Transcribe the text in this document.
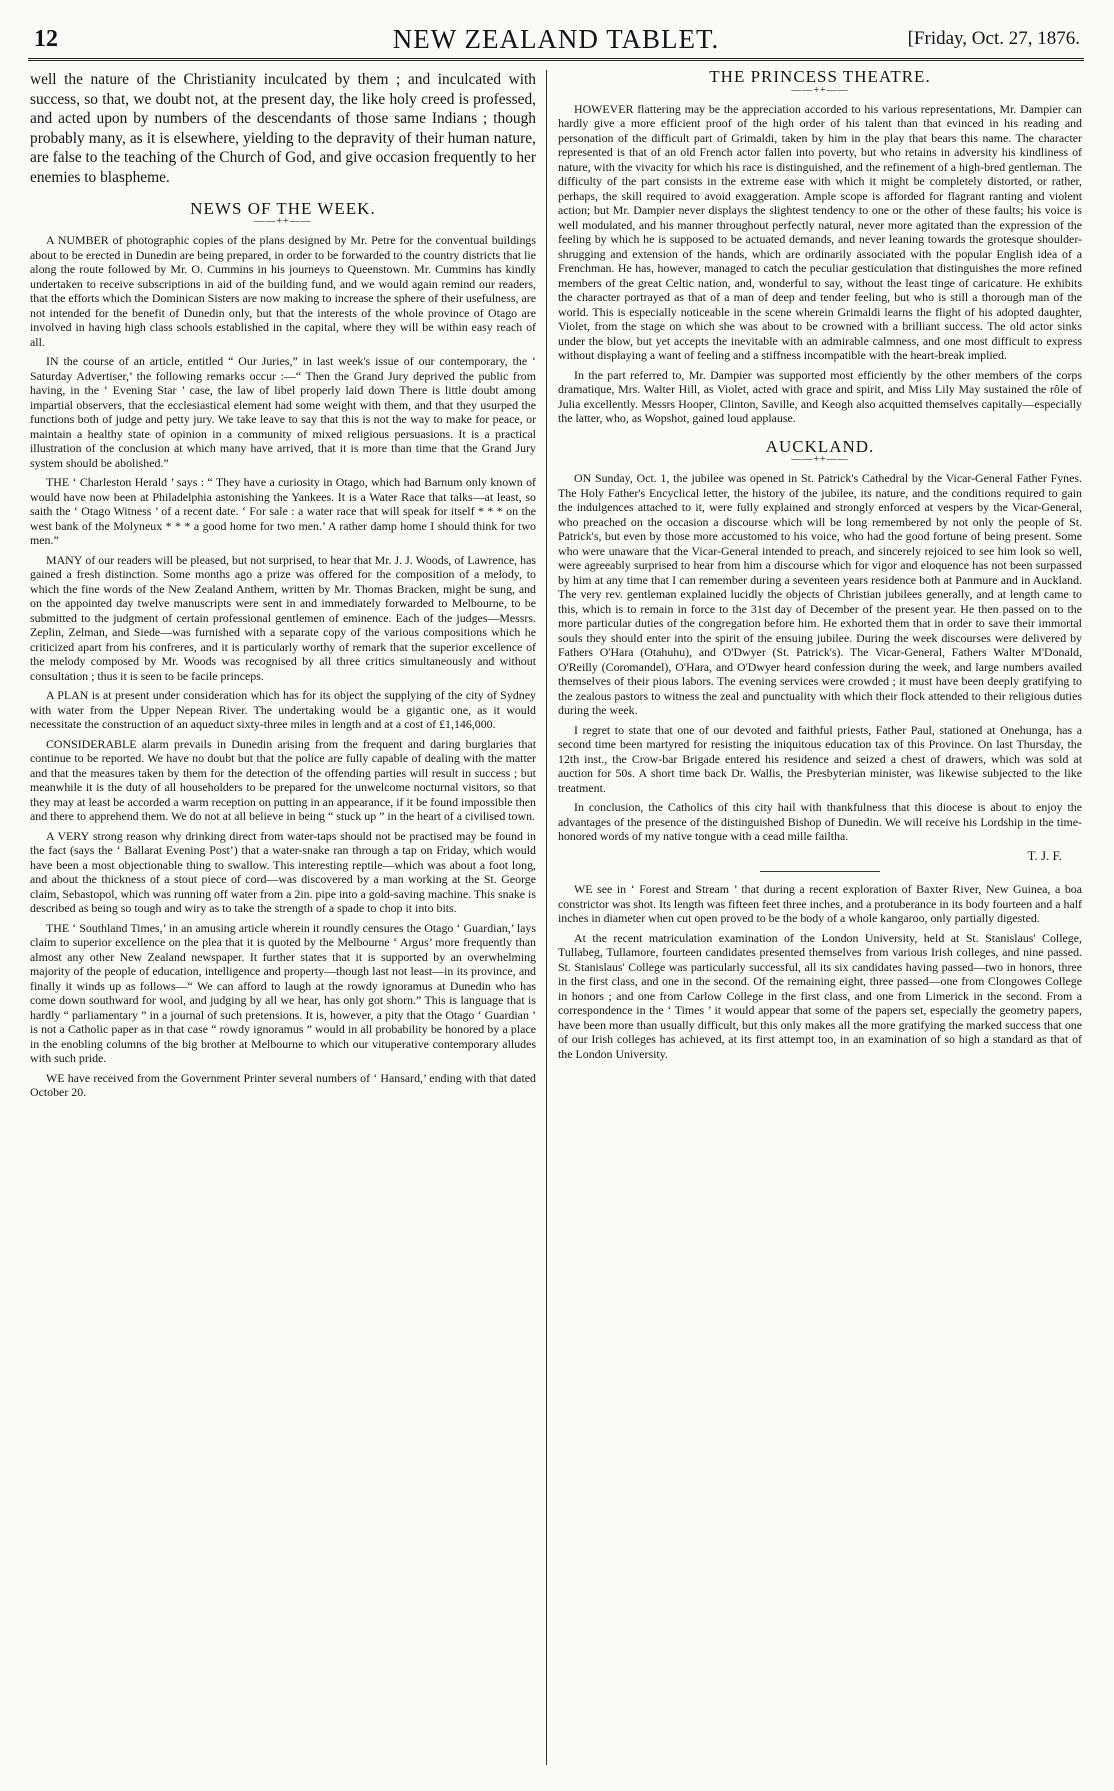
12	NEW ZEALAND TABLET.	[Friday, Oct. 27, 1876.

well the nature of the Christianity inculcated by them ; and inculcated with success, so that, we doubt not, at the present day, the like holy creed is professed, and acted upon by numbers of the descendants of those same Indians ; though probably many, as it is elsewhere, yielding to the depravity of their human nature, are false to the teaching of the Church of God, and give occasion frequently to her enemies to blaspheme.

NEWS OF THE WEEK.
——++——

A NUMBER of photographic copies of the plans designed by Mr. Petre for the conventual buildings about to be erected in Dunedin are being prepared, in order to be forwarded to the country districts that lie along the route followed by Mr. O. Cummins in his journeys to Queenstown. Mr. Cummins has kindly undertaken to receive subscriptions in aid of the building fund, and we would again remind our readers, that the efforts which the Dominican Sisters are now making to increase the sphere of their usefulness, are not intended for the benefit of Dunedin only, but that the interests of the whole province of Otago are involved in having high class schools established in the capital, where they will be within easy reach of all.

IN the course of an article, entitled “ Our Juries,” in last week's issue of our contemporary, the ‘ Saturday Advertiser,’ the following remarks occur :—“ Then the Grand Jury deprived the public from having, in the ‘ Evening Star ’ case, the law of libel properly laid down There is little doubt among impartial observers, that the ecclesiastical element had some weight with them, and that they usurped the functions both of judge and petty jury. We take leave to say that this is not the way to make for peace, or maintain a healthy state of opinion in a community of mixed religious persuasions. It is a practical illustration of the conclusion at which many have arrived, that it is more than time that the Grand Jury system should be abolished.”

THE ‘ Charleston Herald ’ says : “ They have a curiosity in Otago, which had Barnum only known of would have now been at Philadelphia astonishing the Yankees. It is a Water Race that talks—at least, so saith the ‘ Otago Witness ’ of a recent date. ‘ For sale : a water race that will speak for itself * * * on the west bank of the Molyneux * * * a good home for two men.’ A rather damp home I should think for two men.”

MANY of our readers will be pleased, but not surprised, to hear that Mr. J. J. Woods, of Lawrence, has gained a fresh distinction. Some months ago a prize was offered for the composition of a melody, to which the fine words of the New Zealand Anthem, written by Mr. Thomas Bracken, might be sung, and on the appointed day twelve manuscripts were sent in and immediately forwarded to Melbourne, to be submitted to the judgment of certain professional gentlemen of eminence. Each of the judges—Messrs. Zeplin, Zelman, and Siede—was furnished with a separate copy of the various compositions which he criticized apart from his confreres, and it is particularly worthy of remark that the superior excellence of the melody composed by Mr. Woods was recognised by all three critics simultaneously and without consultation ; thus it is seen to be facile princeps.

A PLAN is at present under consideration which has for its object the supplying of the city of Sydney with water from the Upper Nepean River. The undertaking would be a gigantic one, as it would necessitate the construction of an aqueduct sixty-three miles in length and at a cost of £1,146,000.

CONSIDERABLE alarm prevails in Dunedin arising from the frequent and daring burglaries that continue to be reported. We have no doubt but that the police are fully capable of dealing with the matter and that the measures taken by them for the detection of the offending parties will result in success ; but meanwhile it is the duty of all householders to be prepared for the unwelcome nocturnal visitors, so that they may at least be accorded a warm reception on putting in an appearance, if it be found impossible then and there to apprehend them. We do not at all believe in being “ stuck up ” in the heart of a civilised town.

A VERY strong reason why drinking direct from water-taps should not be practised may be found in the fact (says the ‘ Ballarat Evening Post’) that a water-snake ran through a tap on Friday, which would have been a most objectionable thing to swallow. This interesting reptile—which was about a foot long, and about the thickness of a stout piece of cord—was discovered by a man working at the St. George claim, Sebastopol, which was running off water from a 2in. pipe into a gold-saving machine. This snake is described as being so tough and wiry as to take the strength of a spade to chop it into bits.

THE ‘ Southland Times,’ in an amusing article wherein it roundly censures the Otago ‘ Guardian,’ lays claim to superior excellence on the plea that it is quoted by the Melbourne ‘ Argus’ more frequently than almost any other New Zealand newspaper. It further states that it is supported by an overwhelming majority of the people of education, intelligence and property—though last not least—in its province, and finally it winds up as follows—“ We can afford to laugh at the rowdy ignoramus at Dunedin who has come down southward for wool, and judging by all we hear, has only got shorn.” This is language that is hardly “ parliamentary ” in a journal of such pretensions. It is, however, a pity that the Otago ‘ Guardian ’ is not a Catholic paper as in that case “ rowdy ignoramus ” would in all probability be honored by a place in the enobling columns of the big brother at Melbourne to which our vituperative contemporary alludes with such pride.

WE have received from the Government Printer several numbers of ‘ Hansard,’ ending with that dated October 20.

THE PRINCESS THEATRE.
——++——

HOWEVER flattering may be the appreciation accorded to his various representations, Mr. Dampier can hardly give a more efficient proof of the high order of his talent than that evinced in his reading and personation of the difficult part of Grimaldi, taken by him in the play that bears this name. The character represented is that of an old French actor fallen into poverty, but who retains in adversity his kindliness of nature, with the vivacity for which his race is distinguished, and the refinement of a high-bred gentleman. The difficulty of the part consists in the extreme ease with which it might be completely distorted, or rather, perhaps, the skill required to avoid exaggeration. Ample scope is afforded for flagrant ranting and violent action; but Mr. Dampier never displays the slightest tendency to one or the other of these faults; his voice is well modulated, and his manner throughout perfectly natural, never more agitated than the expression of the feeling by which he is supposed to be actuated demands, and never leaning towards the grotesque shoulder-shrugging and extension of the hands, which are ordinarily associated with the popular English idea of a Frenchman. He has, however, managed to catch the peculiar gesticulation that distinguishes the more refined members of the great Celtic nation, and, wonderful to say, without the least tinge of caricature. He exhibits the character portrayed as that of a man of deep and tender feeling, but who is still a thorough man of the world. This is especially noticeable in the scene wherein Grimaldi learns the flight of his adopted daughter, Violet, from the stage on which she was about to be crowned with a brilliant success. The old actor sinks under the blow, but yet accepts the inevitable with an admirable calmness, and one most difficult to express without displaying a want of feeling and a stiffness incompatible with the heart-break implied.

In the part referred to, Mr. Dampier was supported most efficiently by the other members of the corps dramatique, Mrs. Walter Hill, as Violet, acted with grace and spirit, and Miss Lily May sustained the rôle of Julia excellently. Messrs Hooper, Clinton, Saville, and Keogh also acquitted themselves capitally—especially the latter, who, as Wopshot, gained loud applause.

AUCKLAND.
——++——

ON Sunday, Oct. 1, the jubilee was opened in St. Patrick's Cathedral by the Vicar-General Father Fynes. The Holy Father's Encyclical letter, the history of the jubilee, its nature, and the conditions required to gain the indulgences attached to it, were fully explained and strongly enforced at vespers by the Vicar-General, who preached on the occasion a discourse which will be long remembered by not only the people of St. Patrick's, but even by those more accustomed to his voice, who had the good fortune of being present. Some who were unaware that the Vicar-General intended to preach, and sincerely rejoiced to see him look so well, were agreeably surprised to hear from him a discourse which for vigor and eloquence has not been surpassed by him at any time that I can remember during a seventeen years residence both at Panmure and in Auckland. The very rev. gentleman explained lucidly the objects of Christian jubilees generally, and at length came to this, which is to remain in force to the 31st day of December of the present year. He then passed on to the more particular duties of the congregation before him. He exhorted them that in order to save their immortal souls they should enter into the spirit of the ensuing jubilee. During the week discourses were delivered by Fathers O'Hara (Otahuhu), and O'Dwyer (St. Patrick's). The Vicar-General, Fathers Walter M'Donald, O'Reilly (Coromandel), O'Hara, and O'Dwyer heard confession during the week, and large numbers availed themselves of their pious labors. The evening services were crowded ; it must have been deeply gratifying to the zealous pastors to witness the zeal and punctuality with which their flock attended to their religious duties during the week.

I regret to state that one of our devoted and faithful priests, Father Paul, stationed at Onehunga, has a second time been martyred for resisting the iniquitous education tax of this Province. On last Thursday, the 12th inst., the Crow-bar Brigade entered his residence and seized a chest of drawers, which was sold at auction for 50s. A short time back Dr. Wallis, the Presbyterian minister, was likewise subjected to the like treatment.

In conclusion, the Catholics of this city hail with thankfulness that this diocese is about to enjoy the advantages of the presence of the distinguished Bishop of Dunedin. We will receive his Lordship in the time-honored words of my native tongue with a cead mille failtha.

T. J. F.

WE see in ‘ Forest and Stream ’ that during a recent exploration of Baxter River, New Guinea, a boa constrictor was shot. Its length was fifteen feet three inches, and a protuberance in its body fourteen and a half inches in diameter when cut open proved to be the body of a whole kangaroo, only partially digested.

At the recent matriculation examination of the London University, held at St. Stanislaus' College, Tullabeg, Tullamore, fourteen candidates presented themselves from various Irish colleges, and nine passed. St. Stanislaus' College was particularly successful, all its six candidates having passed—two in honors, three in the first class, and one in the second. Of the remaining eight, three passed—one from Clongowes College in honors ; and one from Carlow College in the first class, and one from Limerick in the second. From a correspondence in the ‘ Times ’ it would appear that some of the papers set, especially the geometry papers, have been more than usually difficult, but this only makes all the more gratifying the marked success that one of our Irish colleges has achieved, at its first attempt too, in an examination of so high a standard as that of the London University.
